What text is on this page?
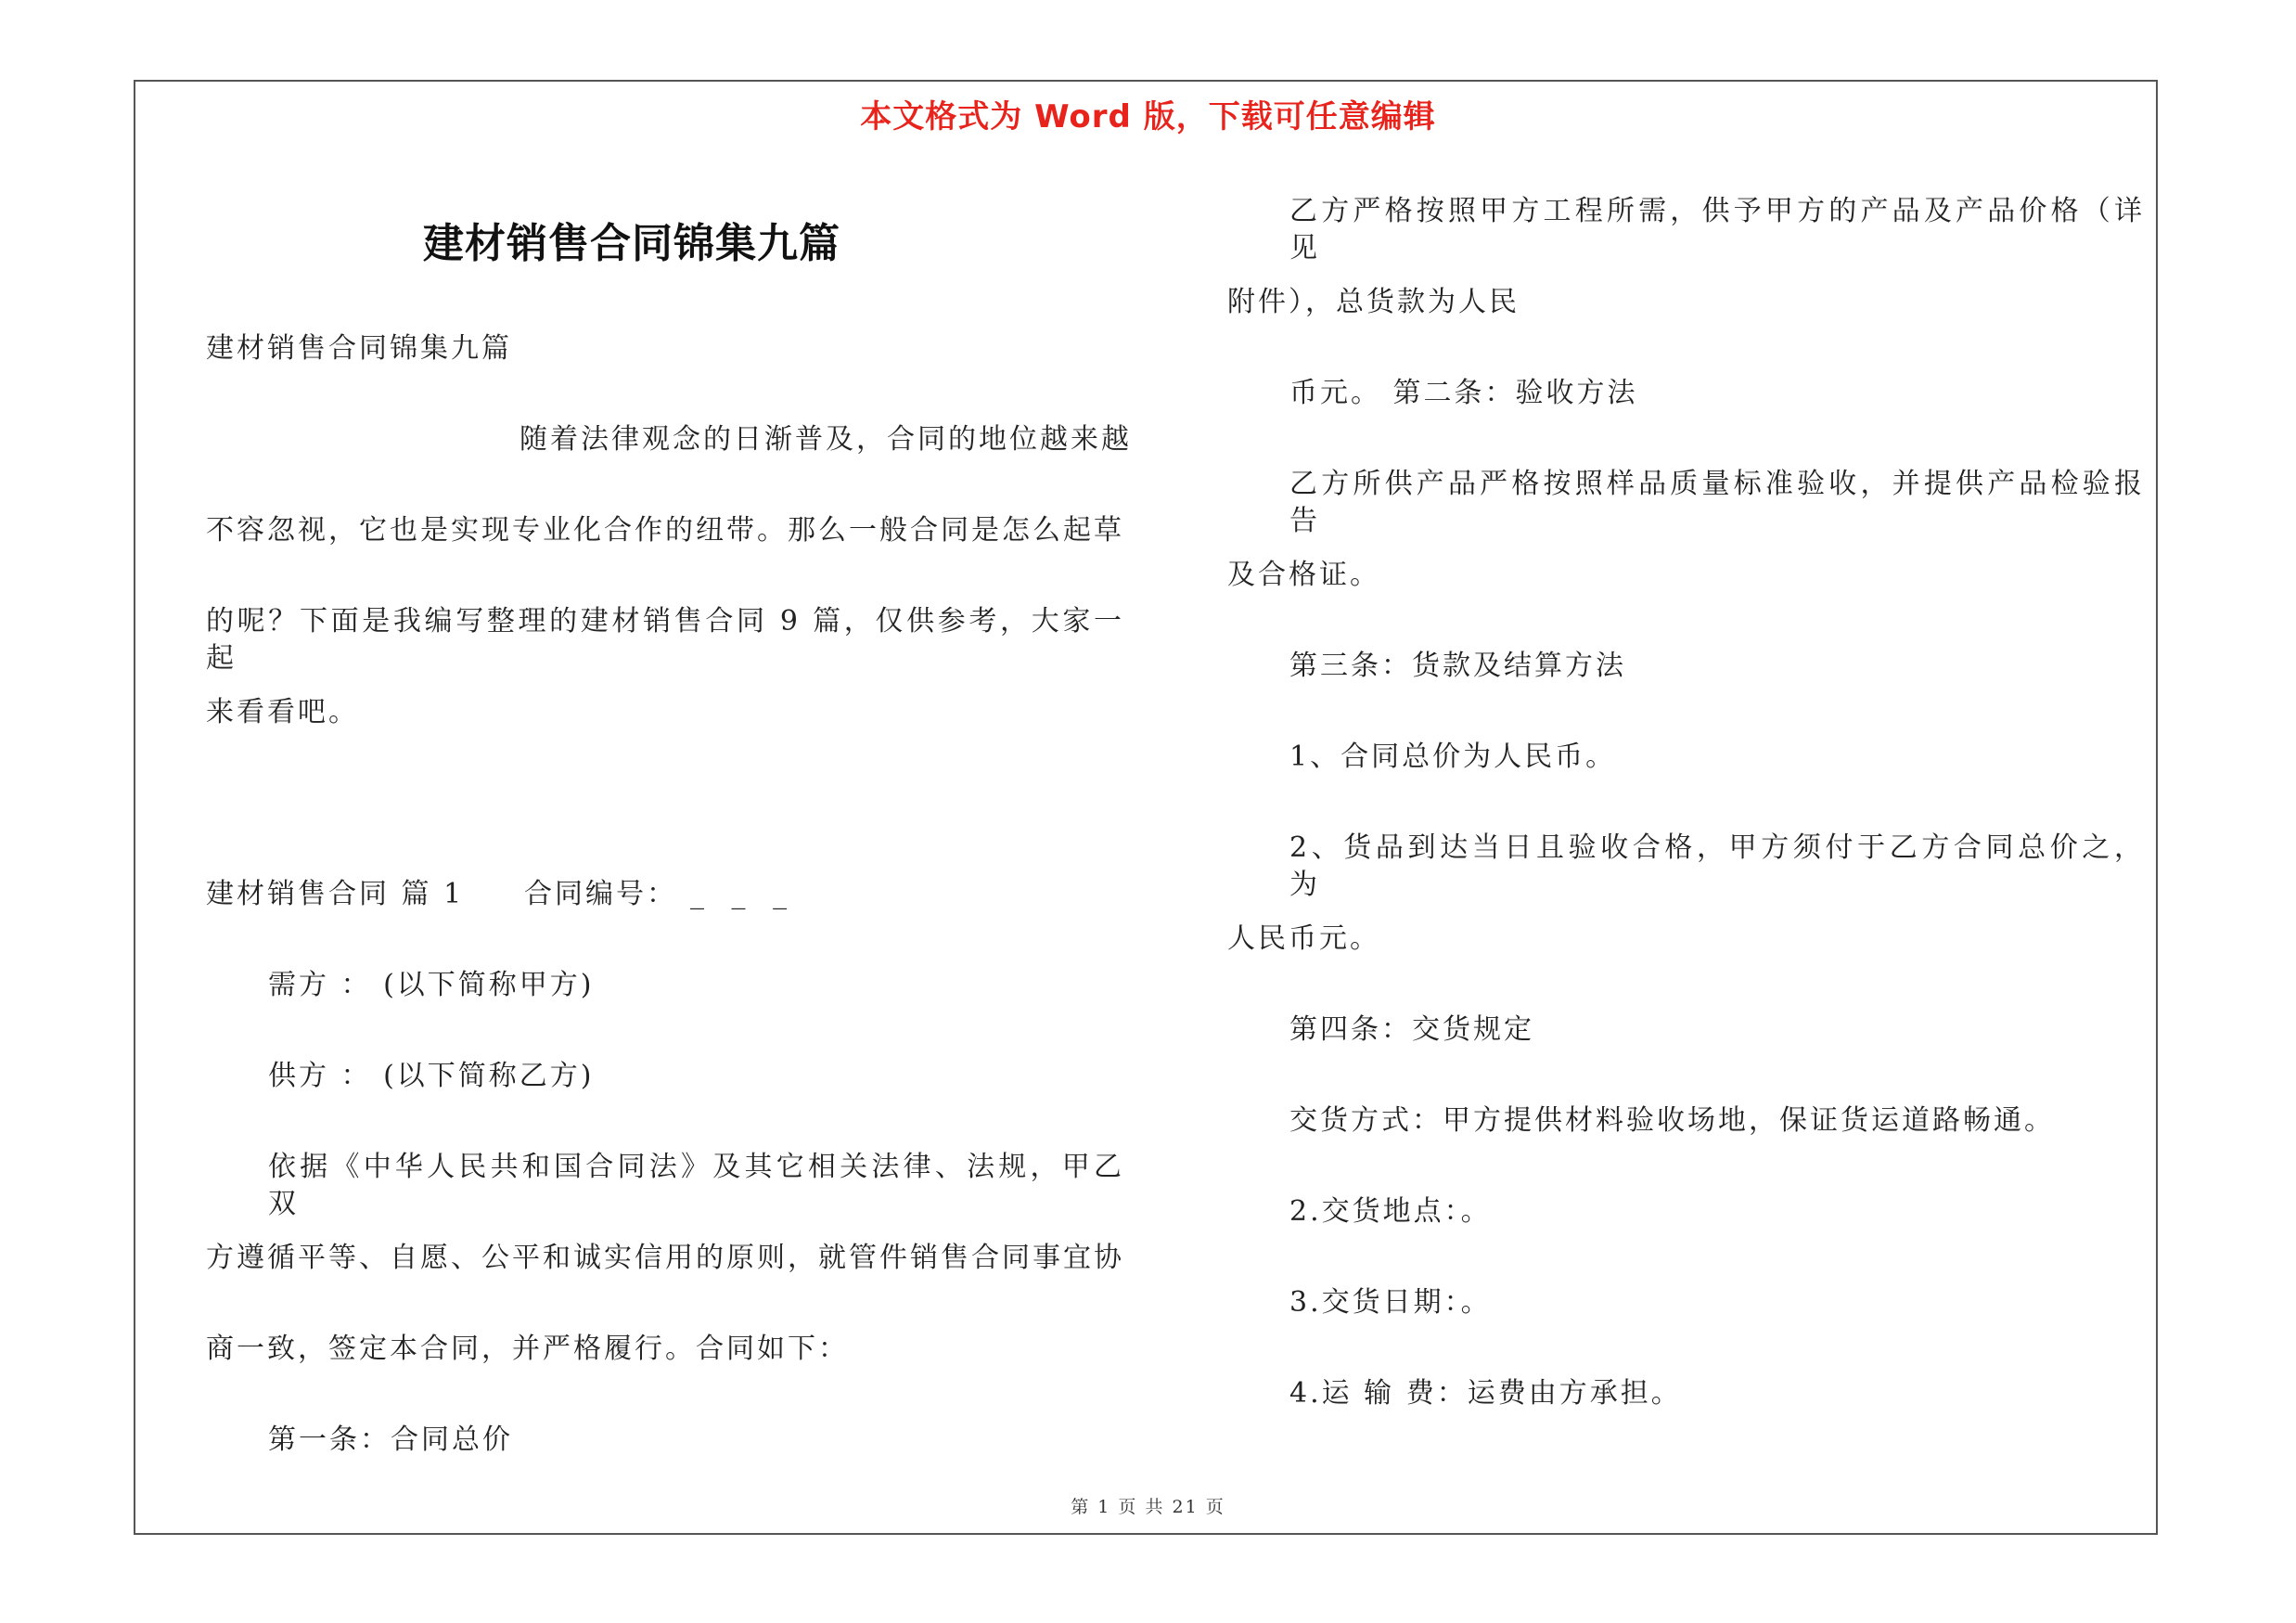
本文格式为 Word 版，下载可任意编辑
建材销售合同锦集九篇
建材销售合同锦集九篇
随着法律观念的日渐普及，合同的地位越来越
不容忽视，它也是实现专业化合作的纽带。那么一般合同是怎么起草
的呢？下面是我编写整理的建材销售合同 9 篇，仅供参考，大家一起
来看看吧。
建材销售合同 篇 1 合同编号： _ _ _
需方 ： (以下简称甲方)
供方 ： (以下简称乙方)
依据《中华人民共和国合同法》及其它相关法律、法规，甲乙双
方遵循平等、自愿、公平和诚实信用的原则，就管件销售合同事宜协
商一致，签定本合同，并严格履行。合同如下：
第一条：合同总价
乙方严格按照甲方工程所需，供予甲方的产品及产品价格（详见
附件），总货款为人民
币元。 第二条：验收方法
乙方所供产品严格按照样品质量标准验收，并提供产品检验报告
及合格证。
第三条：货款及结算方法
1、合同总价为人民币。
2、货品到达当日且验收合格，甲方须付于乙方合同总价之， 为
人民币元。
第四条：交货规定
交货方式：甲方提供材料验收场地，保证货运道路畅通。
2.交货地点：。
3.交货日期：。
4.运 输 费：运费由方承担。
第 1 页 共 21 页
